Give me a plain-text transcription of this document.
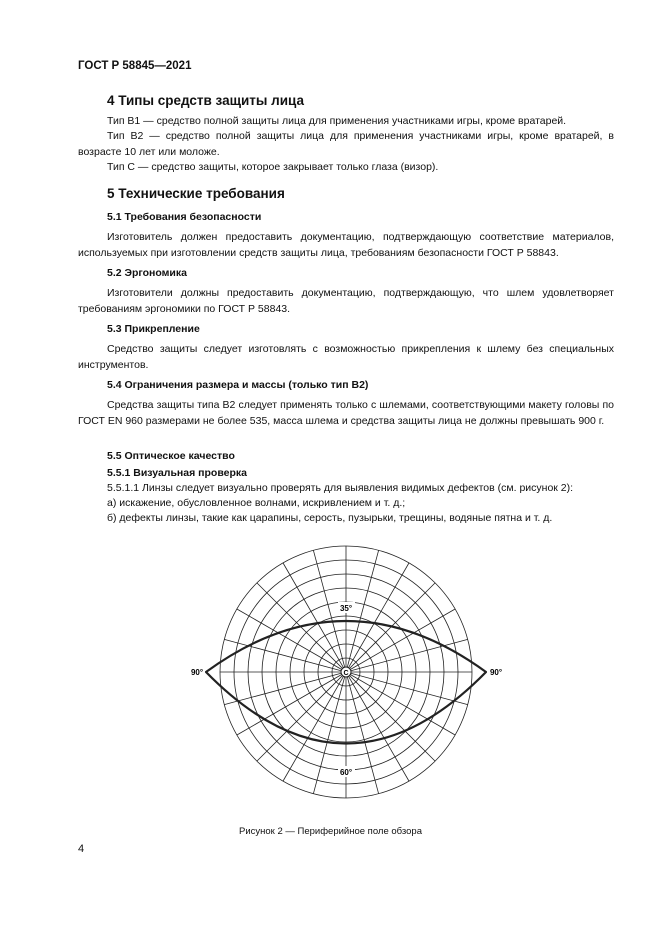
ГОСТ Р 58845—2021
4 Типы средств защиты лица

Тип B1 — средство полной защиты лица для применения участниками игры, кроме вратарей.

Тип B2 — средство полной защиты лица для применения участниками игры, кроме вратарей, в возрасте 10 лет или моложе.

Тип C — средство защиты, которое закрывает только глаза (визор).

5 Технические требования
5.1 Требования безопасности

Изготовитель должен предоставить документацию, подтверждающую соответствие материалов, используемых при изготовлении средств защиты лица, требованиям безопасности ГОСТ Р 58843.

5.2 Эргономика

Изготовители должны предоставить документацию, подтверждающую, что шлем удовлетворяет требованиям эргономики по ГОСТ Р 58843.

5.3 Прикрепление

Средство защиты следует изготовлять с возможностью прикрепления к шлему без специальных инструментов.

5.4 Ограничения размера и массы (только тип B2)

Средства защиты типа B2 следует применять только с шлемами, соответствующими макету головы по ГОСТ EN 960 размерами не более 535, масса шлема и средства защиты лица не должны превышать 900 г.

5.5 Оптическое качество
5.5.1 Визуальная проверка

5.5.1.1 Линзы следует визуально проверять для выявления видимых дефектов (см. рисунок 2):

а) искажение, обусловленное волнами, искривлением и т. д.;

б) дефекты линзы, такие как царапины, серость, пузырьки, трещины, водяные пятна и т. д.

35°
60°
90°	90°
C
Рисунок 2 — Периферийное поле обзора
4
